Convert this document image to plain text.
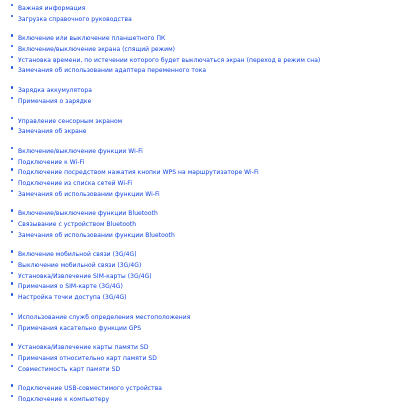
Важная информация
Загрузка справочного руководства
Включение или выключение планшетного ПК
Включение/выключение экрана (спящий режим)
Установка времени, по истечении которого будет выключаться экран (переход в режим сна)
Замечания об использовании адаптера переменного тока
Зарядка аккумулятора
Примечания о зарядке
Управление сенсорным экраном
Замечания об экране
Включение/выключение функции Wi-Fi
Подключение к Wi-Fi
Подключение посредством нажатия кнопки WPS на маршрутизаторе Wi-Fi
Подключение из списка сетей Wi-Fi
Замечания об использовании функции Wi-Fi
Включение/выключение функции Bluetooth
Связывание с устройством Bluetooth
Замечания об использовании функции Bluetooth
Включение мобильной связи (3G/4G)
Выключение мобильной связи (3G/4G)
Установка/Извлечение SIM-карты (3G/4G)
Примечания о SIM-карте (3G/4G)
Настройка точки доступа (3G/4G)
Использование служб определения местоположения
Примечания касательно функции GPS
Установка/Извлечение карты памяти SD
Примечания относительно карт памяти SD
Совместимость карт памяти SD
Подключение USB-совместимого устройства
Подключение к компьютеру
